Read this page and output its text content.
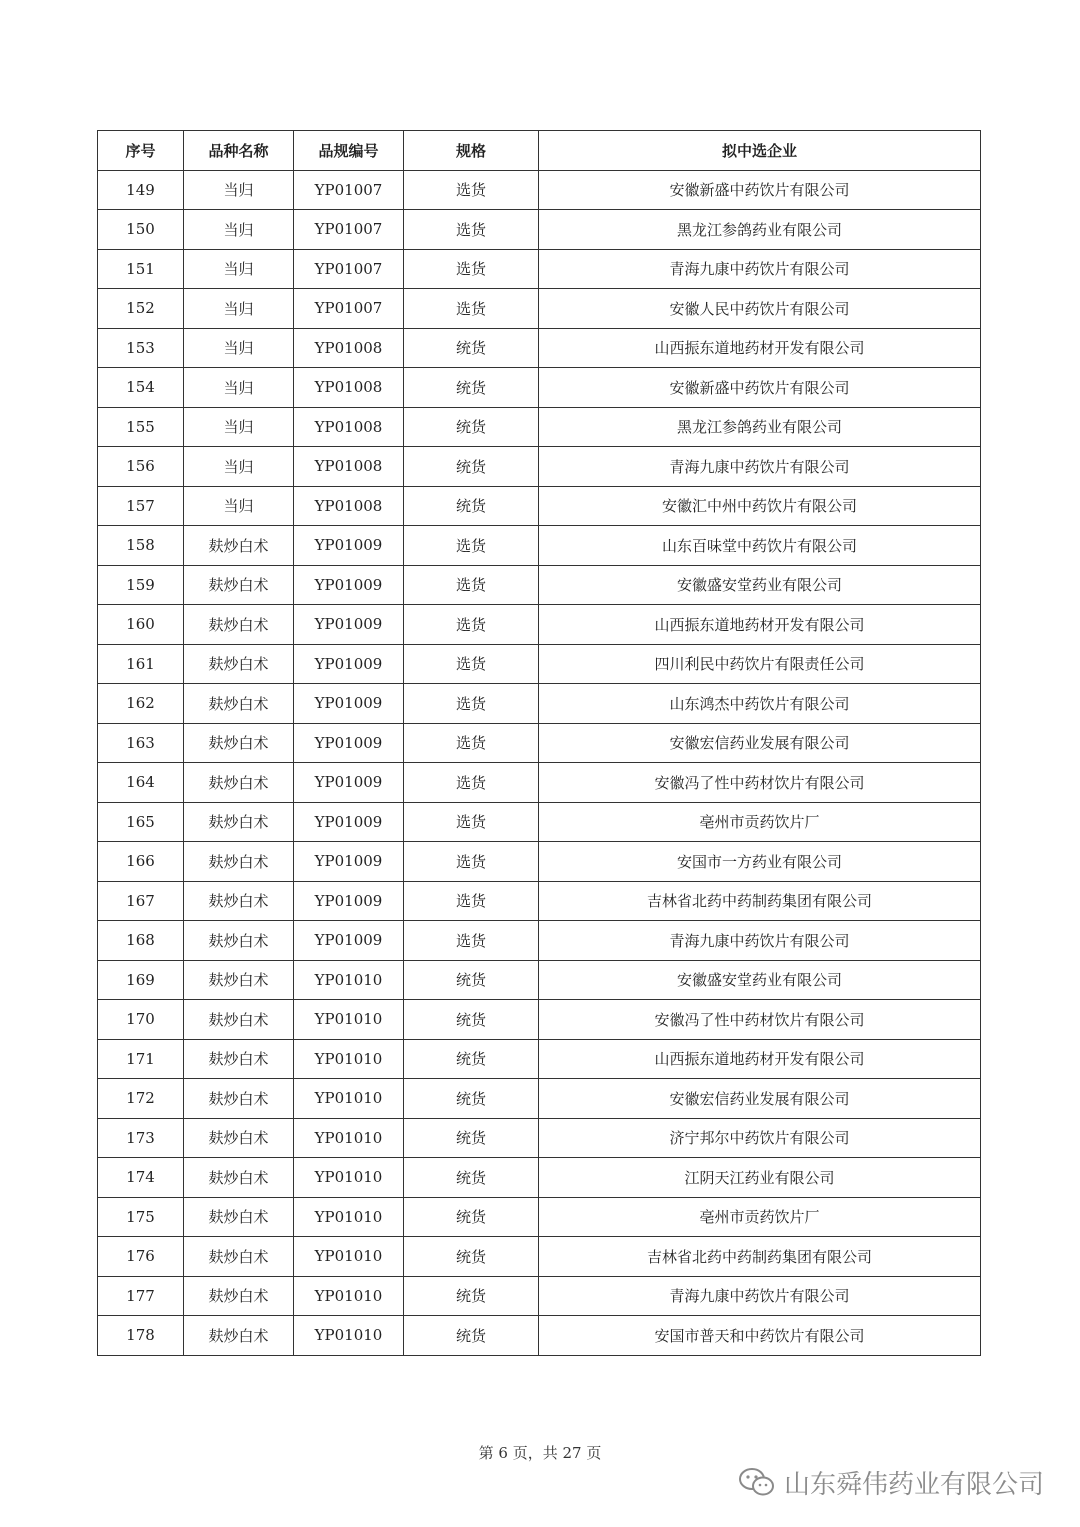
序号	品种名称	品规编号	规格	拟中选企业
149	当归	YP01007	选货	安徽新盛中药饮片有限公司
150	当归	YP01007	选货	黑龙江参鸽药业有限公司
151	当归	YP01007	选货	青海九康中药饮片有限公司
152	当归	YP01007	选货	安徽人民中药饮片有限公司
153	当归	YP01008	统货	山西振东道地药材开发有限公司
154	当归	YP01008	统货	安徽新盛中药饮片有限公司
155	当归	YP01008	统货	黑龙江参鸽药业有限公司
156	当归	YP01008	统货	青海九康中药饮片有限公司
157	当归	YP01008	统货	安徽汇中州中药饮片有限公司
158	麸炒白术	YP01009	选货	山东百味堂中药饮片有限公司
159	麸炒白术	YP01009	选货	安徽盛安堂药业有限公司
160	麸炒白术	YP01009	选货	山西振东道地药材开发有限公司
161	麸炒白术	YP01009	选货	四川利民中药饮片有限责任公司
162	麸炒白术	YP01009	选货	山东鸿杰中药饮片有限公司
163	麸炒白术	YP01009	选货	安徽宏信药业发展有限公司
164	麸炒白术	YP01009	选货	安徽冯了性中药材饮片有限公司
165	麸炒白术	YP01009	选货	亳州市贡药饮片厂
166	麸炒白术	YP01009	选货	安国市一方药业有限公司
167	麸炒白术	YP01009	选货	吉林省北药中药制药集团有限公司
168	麸炒白术	YP01009	选货	青海九康中药饮片有限公司
169	麸炒白术	YP01010	统货	安徽盛安堂药业有限公司
170	麸炒白术	YP01010	统货	安徽冯了性中药材饮片有限公司
171	麸炒白术	YP01010	统货	山西振东道地药材开发有限公司
172	麸炒白术	YP01010	统货	安徽宏信药业发展有限公司
173	麸炒白术	YP01010	统货	济宁邦尔中药饮片有限公司
174	麸炒白术	YP01010	统货	江阴天江药业有限公司
175	麸炒白术	YP01010	统货	亳州市贡药饮片厂
176	麸炒白术	YP01010	统货	吉林省北药中药制药集团有限公司
177	麸炒白术	YP01010	统货	青海九康中药饮片有限公司
178	麸炒白术	YP01010	统货	安国市普天和中药饮片有限公司
第 6 页，共 27 页
山东舜伟药业有限公司
